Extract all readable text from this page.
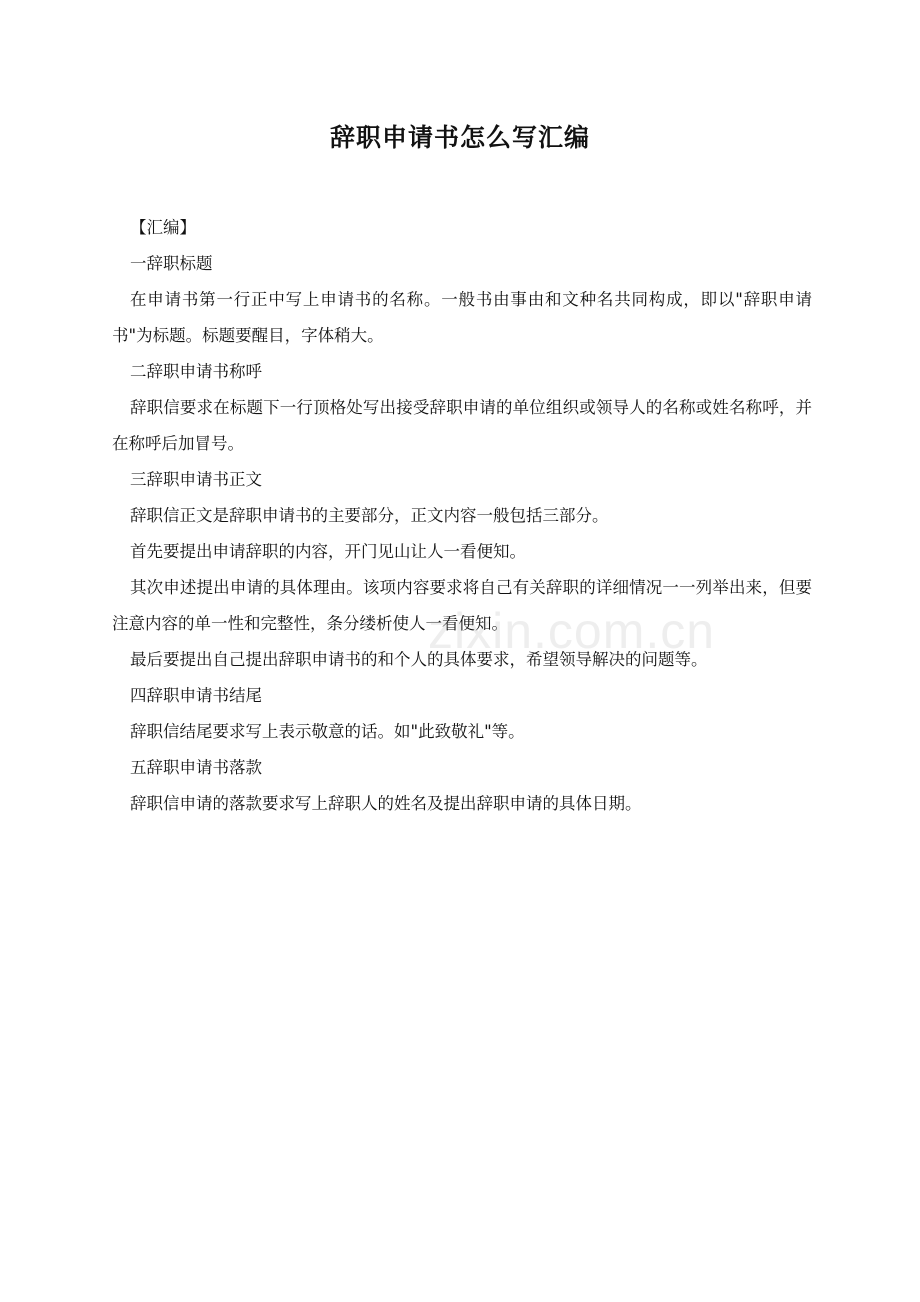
辞职申请书怎么写汇编

【汇编】

一辞职标题

在申请书第一行正中写上申请书的名称。一般书由事由和文种名共同构成，即以"辞职申请书"为标题。标题要醒目，字体稍大。

二辞职申请书称呼

辞职信要求在标题下一行顶格处写出接受辞职申请的单位组织或领导人的名称或姓名称呼，并在称呼后加冒号。

三辞职申请书正文

辞职信正文是辞职申请书的主要部分，正文内容一般包括三部分。

首先要提出申请辞职的内容，开门见山让人一看便知。

其次申述提出申请的具体理由。该项内容要求将自己有关辞职的详细情况一一列举出来，但要注意内容的单一性和完整性，条分缕析使人一看便知。

最后要提出自己提出辞职申请书的和个人的具体要求，希望领导解决的问题等。

四辞职申请书结尾

辞职信结尾要求写上表示敬意的话。如"此致敬礼"等。

五辞职申请书落款

辞职信申请的落款要求写上辞职人的姓名及提出辞职申请的具体日期。

zixin.com.cn
